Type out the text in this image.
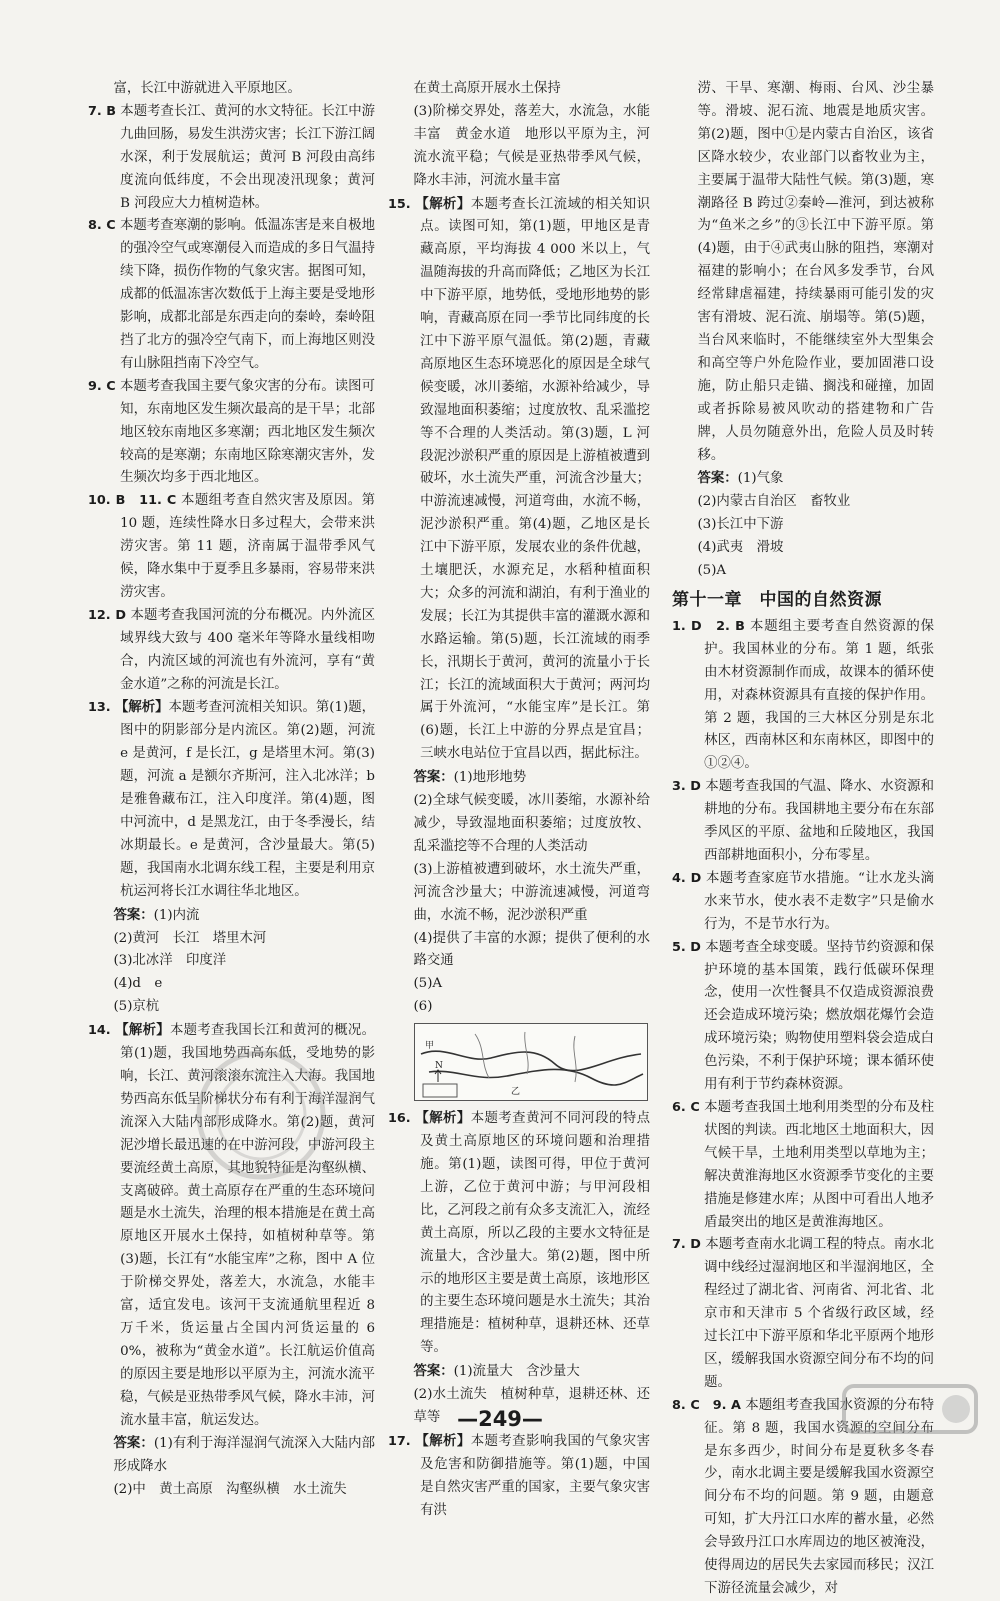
富，长江中游就进入平原地区。

7. B 本题考查长江、黄河的水文特征。长江中游九曲回肠，易发生洪涝灾害；长江下游江阔水深，利于发展航运；黄河 B 河段由高纬度流向低纬度，不会出现凌汛现象；黄河 B 河段应大力植树造林。

8. C 本题考查寒潮的影响。低温冻害是来自极地的强冷空气或寒潮侵入而造成的多日气温持续下降，损伤作物的气象灾害。据图可知，成都的低温冻害次数低于上海主要是受地形影响，成都北部是东西走向的秦岭，秦岭阻挡了北方的强冷空气南下，而上海地区则没有山脉阻挡南下冷空气。

9. C 本题考查我国主要气象灾害的分布。读图可知，东南地区发生频次最高的是干旱；北部地区较东南地区多寒潮；西北地区发生频次较高的是寒潮；东南地区除寒潮灾害外，发生频次均多于西北地区。

10. B　11. C 本题组考查自然灾害及原因。第 10 题，连续性降水日多过程大，会带来洪涝灾害。第 11 题，济南属于温带季风气候，降水集中于夏季且多暴雨，容易带来洪涝灾害。

12. D 本题考查我国河流的分布概况。内外流区域界线大致与 400 毫米年等降水量线相吻合，内流区域的河流也有外流河，享有“黄金水道”之称的河流是长江。

13. 【解析】本题考查河流相关知识。第(1)题，图中的阴影部分是内流区。第(2)题，河流 e 是黄河，f 是长江，g 是塔里木河。第(3)题，河流 a 是额尔齐斯河，注入北冰洋；b 是雅鲁藏布江，注入印度洋。第(4)题，图中河流中，d 是黑龙江，由于冬季漫长，结冰期最长。e 是黄河，含沙量最大。第(5)题，我国南水北调东线工程，主要是利用京杭运河将长江水调往华北地区。

答案：(1)内流

(2)黄河　长江　塔里木河

(3)北冰洋　印度洋

(4)d　e

(5)京杭

14. 【解析】本题考查我国长江和黄河的概况。第(1)题，我国地势西高东低，受地势的影响，长江、黄河滚滚东流注入大海。我国地势西高东低呈阶梯状分布有利于海洋湿润气流深入大陆内部形成降水。第(2)题，黄河泥沙增长最迅速的在中游河段，中游河段主要流经黄土高原，其地貌特征是沟壑纵横、支离破碎。黄土高原存在严重的生态环境问题是水土流失，治理的根本措施是在黄土高原地区开展水土保持，如植树种草等。第(3)题，长江有“水能宝库”之称，图中 A 位于阶梯交界处，落差大，水流急，水能丰富，适宜发电。该河干支流通航里程近 8 万千米，货运量占全国内河货运量的 60%，被称为“黄金水道”。长江航运价值高的原因主要是地形以平原为主，河流水流平稳，气候是亚热带季风气候，降水丰沛，河流水量丰富，航运发达。

答案：(1)有利于海洋湿润气流深入大陆内部形成降水

(2)中　黄土高原　沟壑纵横　水土流失

在黄土高原开展水土保持

(3)阶梯交界处，落差大，水流急，水能丰富　黄金水道　地形以平原为主，河流水流平稳；气候是亚热带季风气候，降水丰沛，河流水量丰富

15. 【解析】本题考查长江流域的相关知识点。读图可知，第(1)题，甲地区是青藏高原，平均海拔 4 000 米以上，气温随海拔的升高而降低；乙地区为长江中下游平原，地势低，受地形地势的影响，青藏高原在同一季节比同纬度的长江中下游平原气温低。第(2)题，青藏高原地区生态环境恶化的原因是全球气候变暖，冰川萎缩，水源补给减少，导致湿地面积萎缩；过度放牧、乱采滥挖等不合理的人类活动。第(3)题，L 河段泥沙淤积严重的原因是上游植被遭到破坏，水土流失严重，河流含沙量大；中游流速减慢，河道弯曲，水流不畅，泥沙淤积严重。第(4)题，乙地区是长江中下游平原，发展农业的条件优越，土壤肥沃，水源充足，水稻种植面积大；众多的河流和湖泊，有利于渔业的发展；长江为其提供丰富的灌溉水源和水路运输。第(5)题，长江流域的雨季长，汛期长于黄河，黄河的流量小于长江；长江的流域面积大于黄河；两河均属于外流河，“水能宝库”是长江。第(6)题，长江上中游的分界点是宜昌；三峡水电站位于宜昌以西，据此标注。

答案：(1)地形地势

(2)全球气候变暖，冰川萎缩，水源补给减少，导致湿地面积萎缩；过度放牧、乱采滥挖等不合理的人类活动

(3)上游植被遭到破坏，水土流失严重，河流含沙量大；中游流速减慢，河道弯曲，水流不畅，泥沙淤积严重

(4)提供了丰富的水源；提供了便利的水路交通

(5)A

(6)

甲
乙
N

16. 【解析】本题考查黄河不同河段的特点及黄土高原地区的环境问题和治理措施。第(1)题，读图可得，甲位于黄河上游，乙位于黄河中游；与甲河段相比，乙河段之前有众多支流汇入，流经黄土高原，所以乙段的主要水文特征是流量大，含沙量大。第(2)题，图中所示的地形区主要是黄土高原，该地形区的主要生态环境问题是水土流失；其治理措施是：植树种草，退耕还林、还草等。

答案：(1)流量大　含沙量大

(2)水土流失　植树种草，退耕还林、还草等

17. 【解析】本题考查影响我国的气象灾害及危害和防御措施等。第(1)题，中国是自然灾害严重的国家，主要气象灾害有洪

涝、干旱、寒潮、梅雨、台风、沙尘暴等。滑坡、泥石流、地震是地质灾害。第(2)题，图中①是内蒙古自治区，该省区降水较少，农业部门以畜牧业为主，主要属于温带大陆性气候。第(3)题，寒潮路径 B 跨过②秦岭—淮河，到达被称为“鱼米之乡”的③长江中下游平原。第(4)题，由于④武夷山脉的阻挡，寒潮对福建的影响小；在台风多发季节，台风经常肆虐福建，持续暴雨可能引发的灾害有滑坡、泥石流、崩塌等。第(5)题，当台风来临时，不能继续室外大型集会和高空等户外危险作业，要加固港口设施，防止船只走锚、搁浅和碰撞，加固或者拆除易被风吹动的搭建物和广告牌，人员勿随意外出，危险人员及时转移。

答案：(1)气象

(2)内蒙古自治区　畜牧业

(3)长江中下游

(4)武夷　滑坡

(5)A

第十一章　中国的自然资源

1. D　2. B 本题组主要考查自然资源的保护。我国林业的分布。第 1 题，纸张由木材资源制作而成，故课本的循环使用，对森林资源具有直接的保护作用。第 2 题，我国的三大林区分别是东北林区，西南林区和东南林区，即图中的①②④。

3. D 本题考查我国的气温、降水、水资源和耕地的分布。我国耕地主要分布在东部季风区的平原、盆地和丘陵地区，我国西部耕地面积小，分布零星。

4. D 本题考查家庭节水措施。“让水龙头滴水来节水，使水表不走数字”只是偷水行为，不是节水行为。

5. D 本题考查全球变暖。坚持节约资源和保护环境的基本国策，践行低碳环保理念，使用一次性餐具不仅造成资源浪费还会造成环境污染；燃放烟花爆竹会造成环境污染；购物使用塑料袋会造成白色污染，不利于保护环境；课本循环使用有利于节约森林资源。

6. C 本题考查我国土地利用类型的分布及柱状图的判读。西北地区土地面积大，因气候干旱，土地利用类型以草地为主；解决黄淮海地区水资源季节变化的主要措施是修建水库；从图中可看出人地矛盾最突出的地区是黄淮海地区。

7. D 本题考查南水北调工程的特点。南水北调中线经过湿润地区和半湿润地区，全程经过了湖北省、河南省、河北省、北京市和天津市 5 个省级行政区域，经过长江中下游平原和华北平原两个地形区，缓解我国水资源空间分布不均的问题。

8. C　9. A 本题组考查我国水资源的分布特征。第 8 题，我国水资源的空间分布是东多西少，时间分布是夏秋多冬春少，南水北调主要是缓解我国水资源空间分布不均的问题。第 9 题，由题意可知，扩大丹江口水库的蓄水量，必然会导致丹江口水库周边的地区被淹没，使得周边的居民失去家园而移民；汉江下游径流量会减少，对

—249—
